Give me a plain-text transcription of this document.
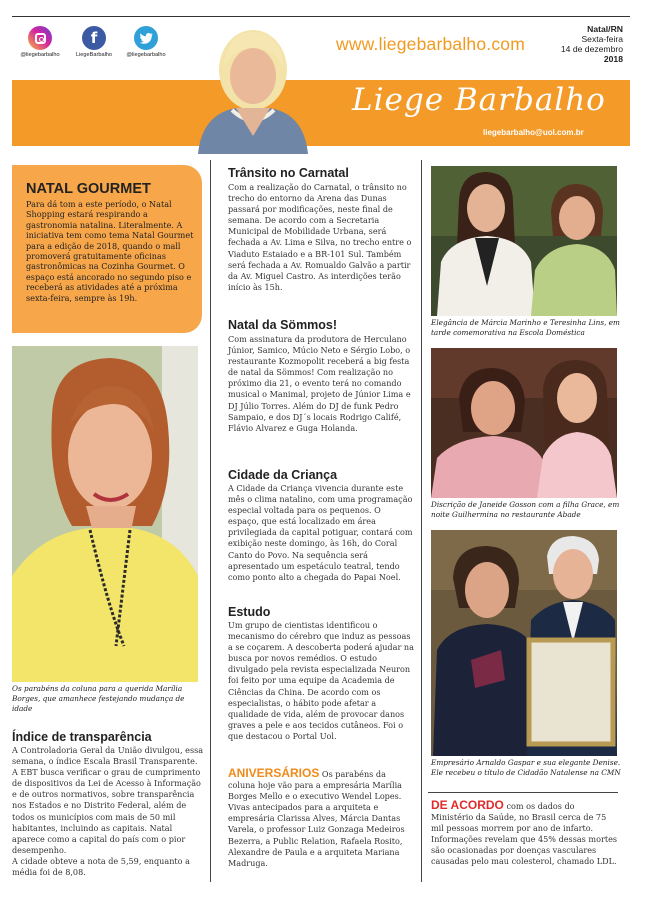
@liegebarbalho
f
LiegeBarbalho	@liegebarbalho
www.liegebarbalho.com
Natal/RN
Sexta-feira
14 de dezembro
2018
Liege Barbalho
liegebarbalho@uol.com.br
NATAL GOURMET
Para dá tom a este período, o Natal Shopping estará respirando a gastronomia natalina. Literalmente. A iniciativa tem como tema Natal Gourmet para a edição de 2018, quando o mall promoverá gratuitamente oficinas gastronômicas na Cozinha Gourmet. O espaço está ancorado no segundo piso e receberá as atividades até a próxima sexta-feira, sempre às 19h.
Os parabéns da coluna para a querida Marília Borges, que amanhece festejando mudança de idade
Índice de transparência
A Controladoria Geral da União divulgou, essa semana, o índice Escala Brasil Transparente. A EBT busca verificar o grau de cumprimento de dispositivos da Lei de Acesso à Informação e de outros normativos, sobre transparência nos Estados e no Distrito Federal, além de todos os municípios com mais de 50 mil habitantes, incluindo as capitais. Natal aparece como a capital do país com o pior desempenho.
A cidade obteve a nota de 5,59, enquanto a média foi de 8,08.
Trânsito no Carnatal
Com a realização do Carnatal, o trânsito no trecho do entorno da Arena das Dunas passará por modificações, neste final de semana. De acordo com a Secretaria Municipal de Mobilidade Urbana, será fechada a Av. Lima e Silva, no trecho entre o Viaduto Estaiado e a BR-101 Sul. Também será fechada a Av. Romualdo Galvão a partir da Av. Miguel Castro. As interdições terão início às 15h.
Natal da Sömmos!
Com assinatura da produtora de Herculano Júnior, Samico, Múcio Neto e Sérgio Lobo, o restaurante Kozmopolit receberá a big festa de natal da Sömmos! Com realização no próximo dia 21, o evento terá no comando musical o Manimal, projeto de Júnior Lima e DJ Júlio Torres. Além do DJ de funk Pedro Sampaio, e dos DJ´s locais Rodrigo Califé, Flávio Alvarez e Guga Holanda.
Cidade da Criança
A Cidade da Criança vivencia durante este mês o clima natalino, com uma programação especial voltada para os pequenos. O espaço, que está localizado em área privilegiada da capital potiguar, contará com exibição neste domingo, às 16h, do Coral Canto do Povo. Na sequência será apresentado um espetáculo teatral, tendo como ponto alto a chegada do Papai Noel.
Estudo
Um grupo de cientistas identificou o mecanismo do cérebro que induz as pessoas a se coçarem. A descoberta poderá ajudar na busca por novos remédios. O estudo divulgado pela revista especializada Neuron foi feito por uma equipe da Academia de Ciências da China. De acordo com os especialistas, o hábito pode afetar a qualidade de vida, além de provocar danos graves a pele e aos tecidos cutâneos. Foi o que destacou o Portal Uol.
ANIVERSÁRIOS Os parabéns da coluna hoje vão para a empresária Marília Borges Mello e o executivo Wendel Lopes. Vivas antecipados para a arquiteta e empresária Clarissa Alves, Márcia Dantas Varela, o professor Luiz Gonzaga Medeiros Bezerra, a Public Relation, Rafaela Rosito, Alexandre de Paula e a arquiteta Mariana Madruga.
Elegância de Márcia Marinho e Teresinha Lins, em tarde comemorativa na Escola Doméstica
Discrição de Janeide Gosson com a filha Grace, em noite Guilhermina no restaurante Abade
Empresário Arnaldo Gaspar e sua elegante Denise. Ele recebeu o título de Cidadão Natalense na CMN
DE ACORDO com os dados do Ministério da Saúde, no Brasil cerca de 75 mil pessoas morrem por ano de infarto. Informações revelam que 45% dessas mortes são ocasionadas por doenças vasculares causadas pelo mau colesterol, chamado LDL.
